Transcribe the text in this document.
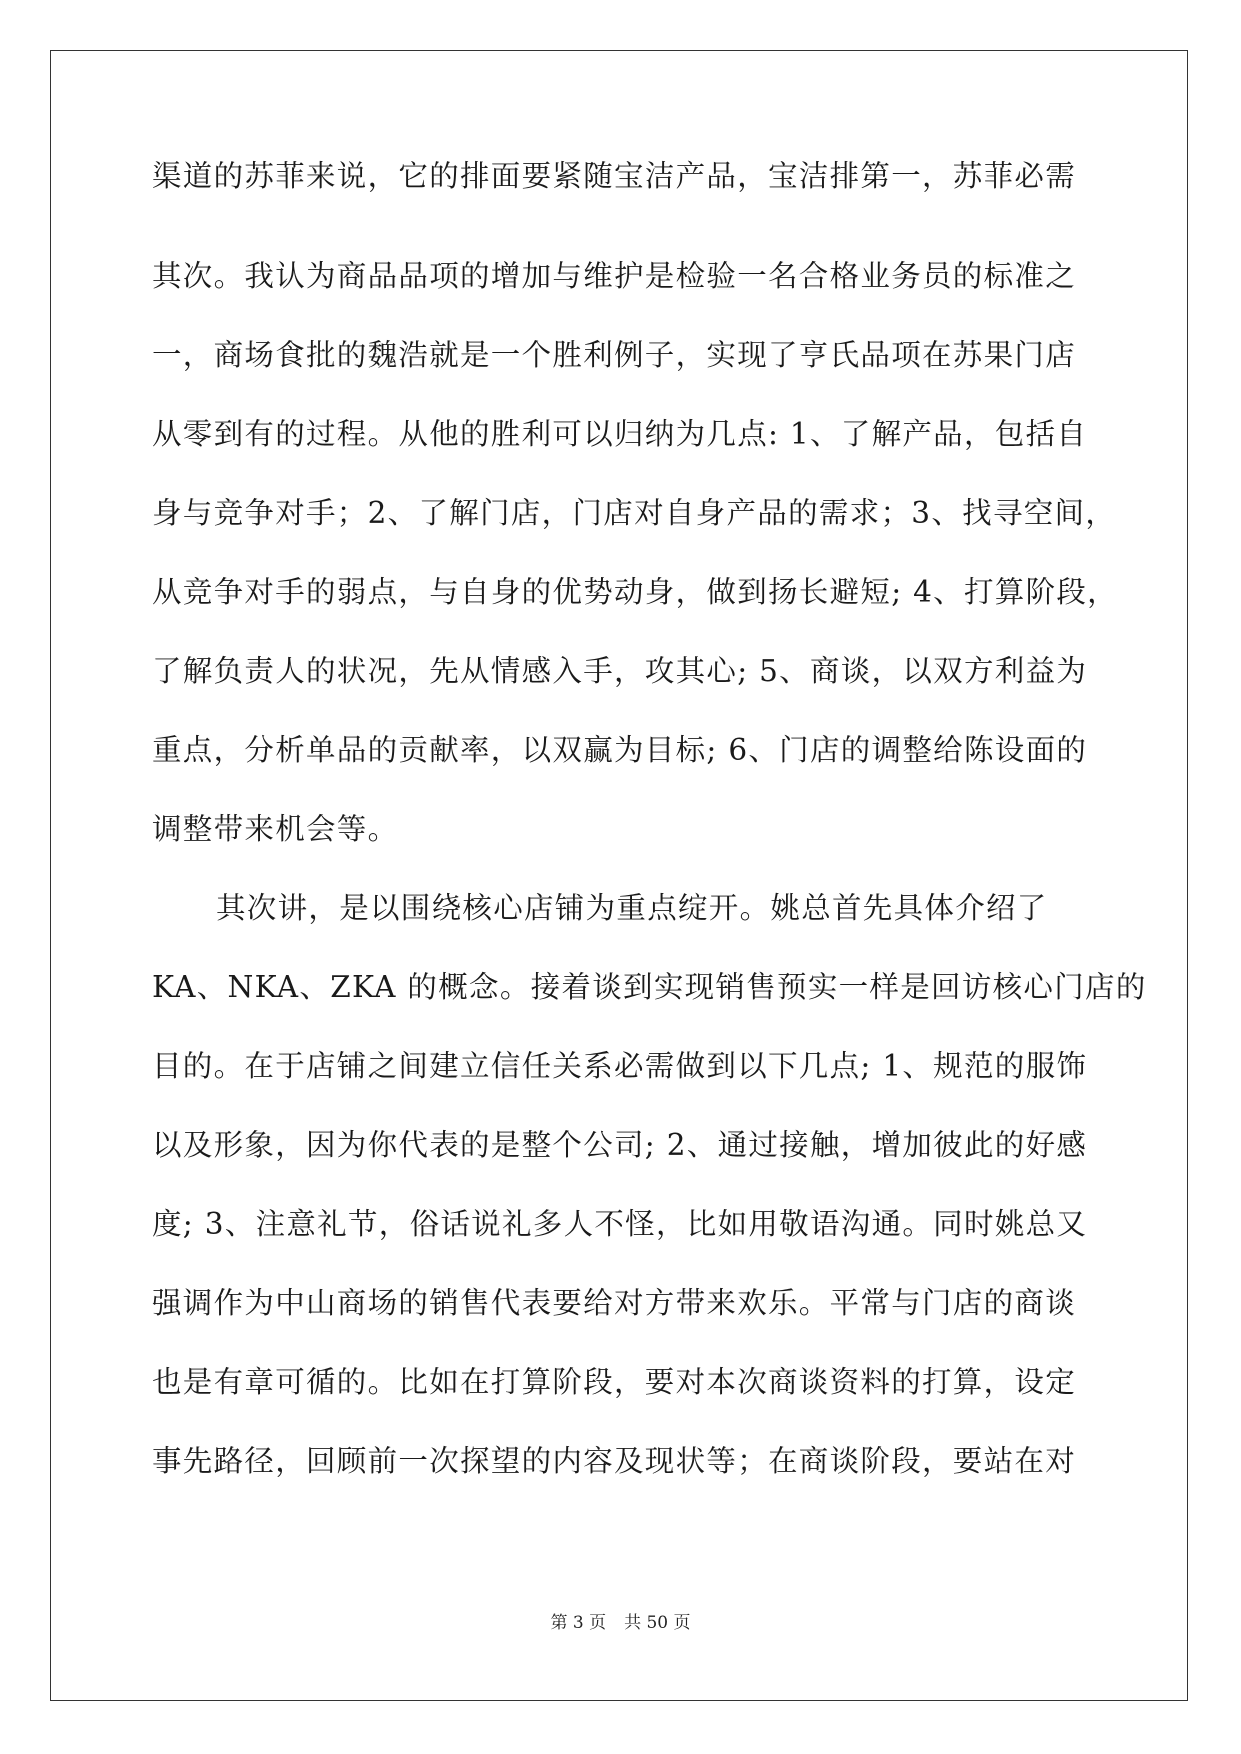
渠道的苏菲来说，它的排面要紧随宝洁产品，宝洁排第一，苏菲必需
其次。我认为商品品项的增加与维护是检验一名合格业务员的标准之
一，商场食批的魏浩就是一个胜利例子，实现了亨氏品项在苏果门店
从零到有的过程。从他的胜利可以归纳为几点: 1、了解产品，包括自
身与竞争对手；2、了解门店，门店对自身产品的需求；3、找寻空间，
从竞争对手的弱点，与自身的优势动身，做到扬长避短; 4、打算阶段，
了解负责人的状况，先从情感入手，攻其心; 5、商谈，以双方利益为
重点，分析单品的贡献率，以双赢为目标; 6、门店的调整给陈设面的
调整带来机会等。
其次讲，是以围绕核心店铺为重点绽开。姚总首先具体介绍了
KA、NKA、ZKA 的概念。接着谈到实现销售预实一样是回访核心门店的
目的。在于店铺之间建立信任关系必需做到以下几点; 1、规范的服饰
以及形象，因为你代表的是整个公司; 2、通过接触，增加彼此的好感
度; 3、注意礼节，俗话说礼多人不怪，比如用敬语沟通。同时姚总又
强调作为中山商场的销售代表要给对方带来欢乐。平常与门店的商谈
也是有章可循的。比如在打算阶段，要对本次商谈资料的打算，设定
事先路径，回顾前一次探望的内容及现状等；在商谈阶段，要站在对
第 3 页 共 50 页
